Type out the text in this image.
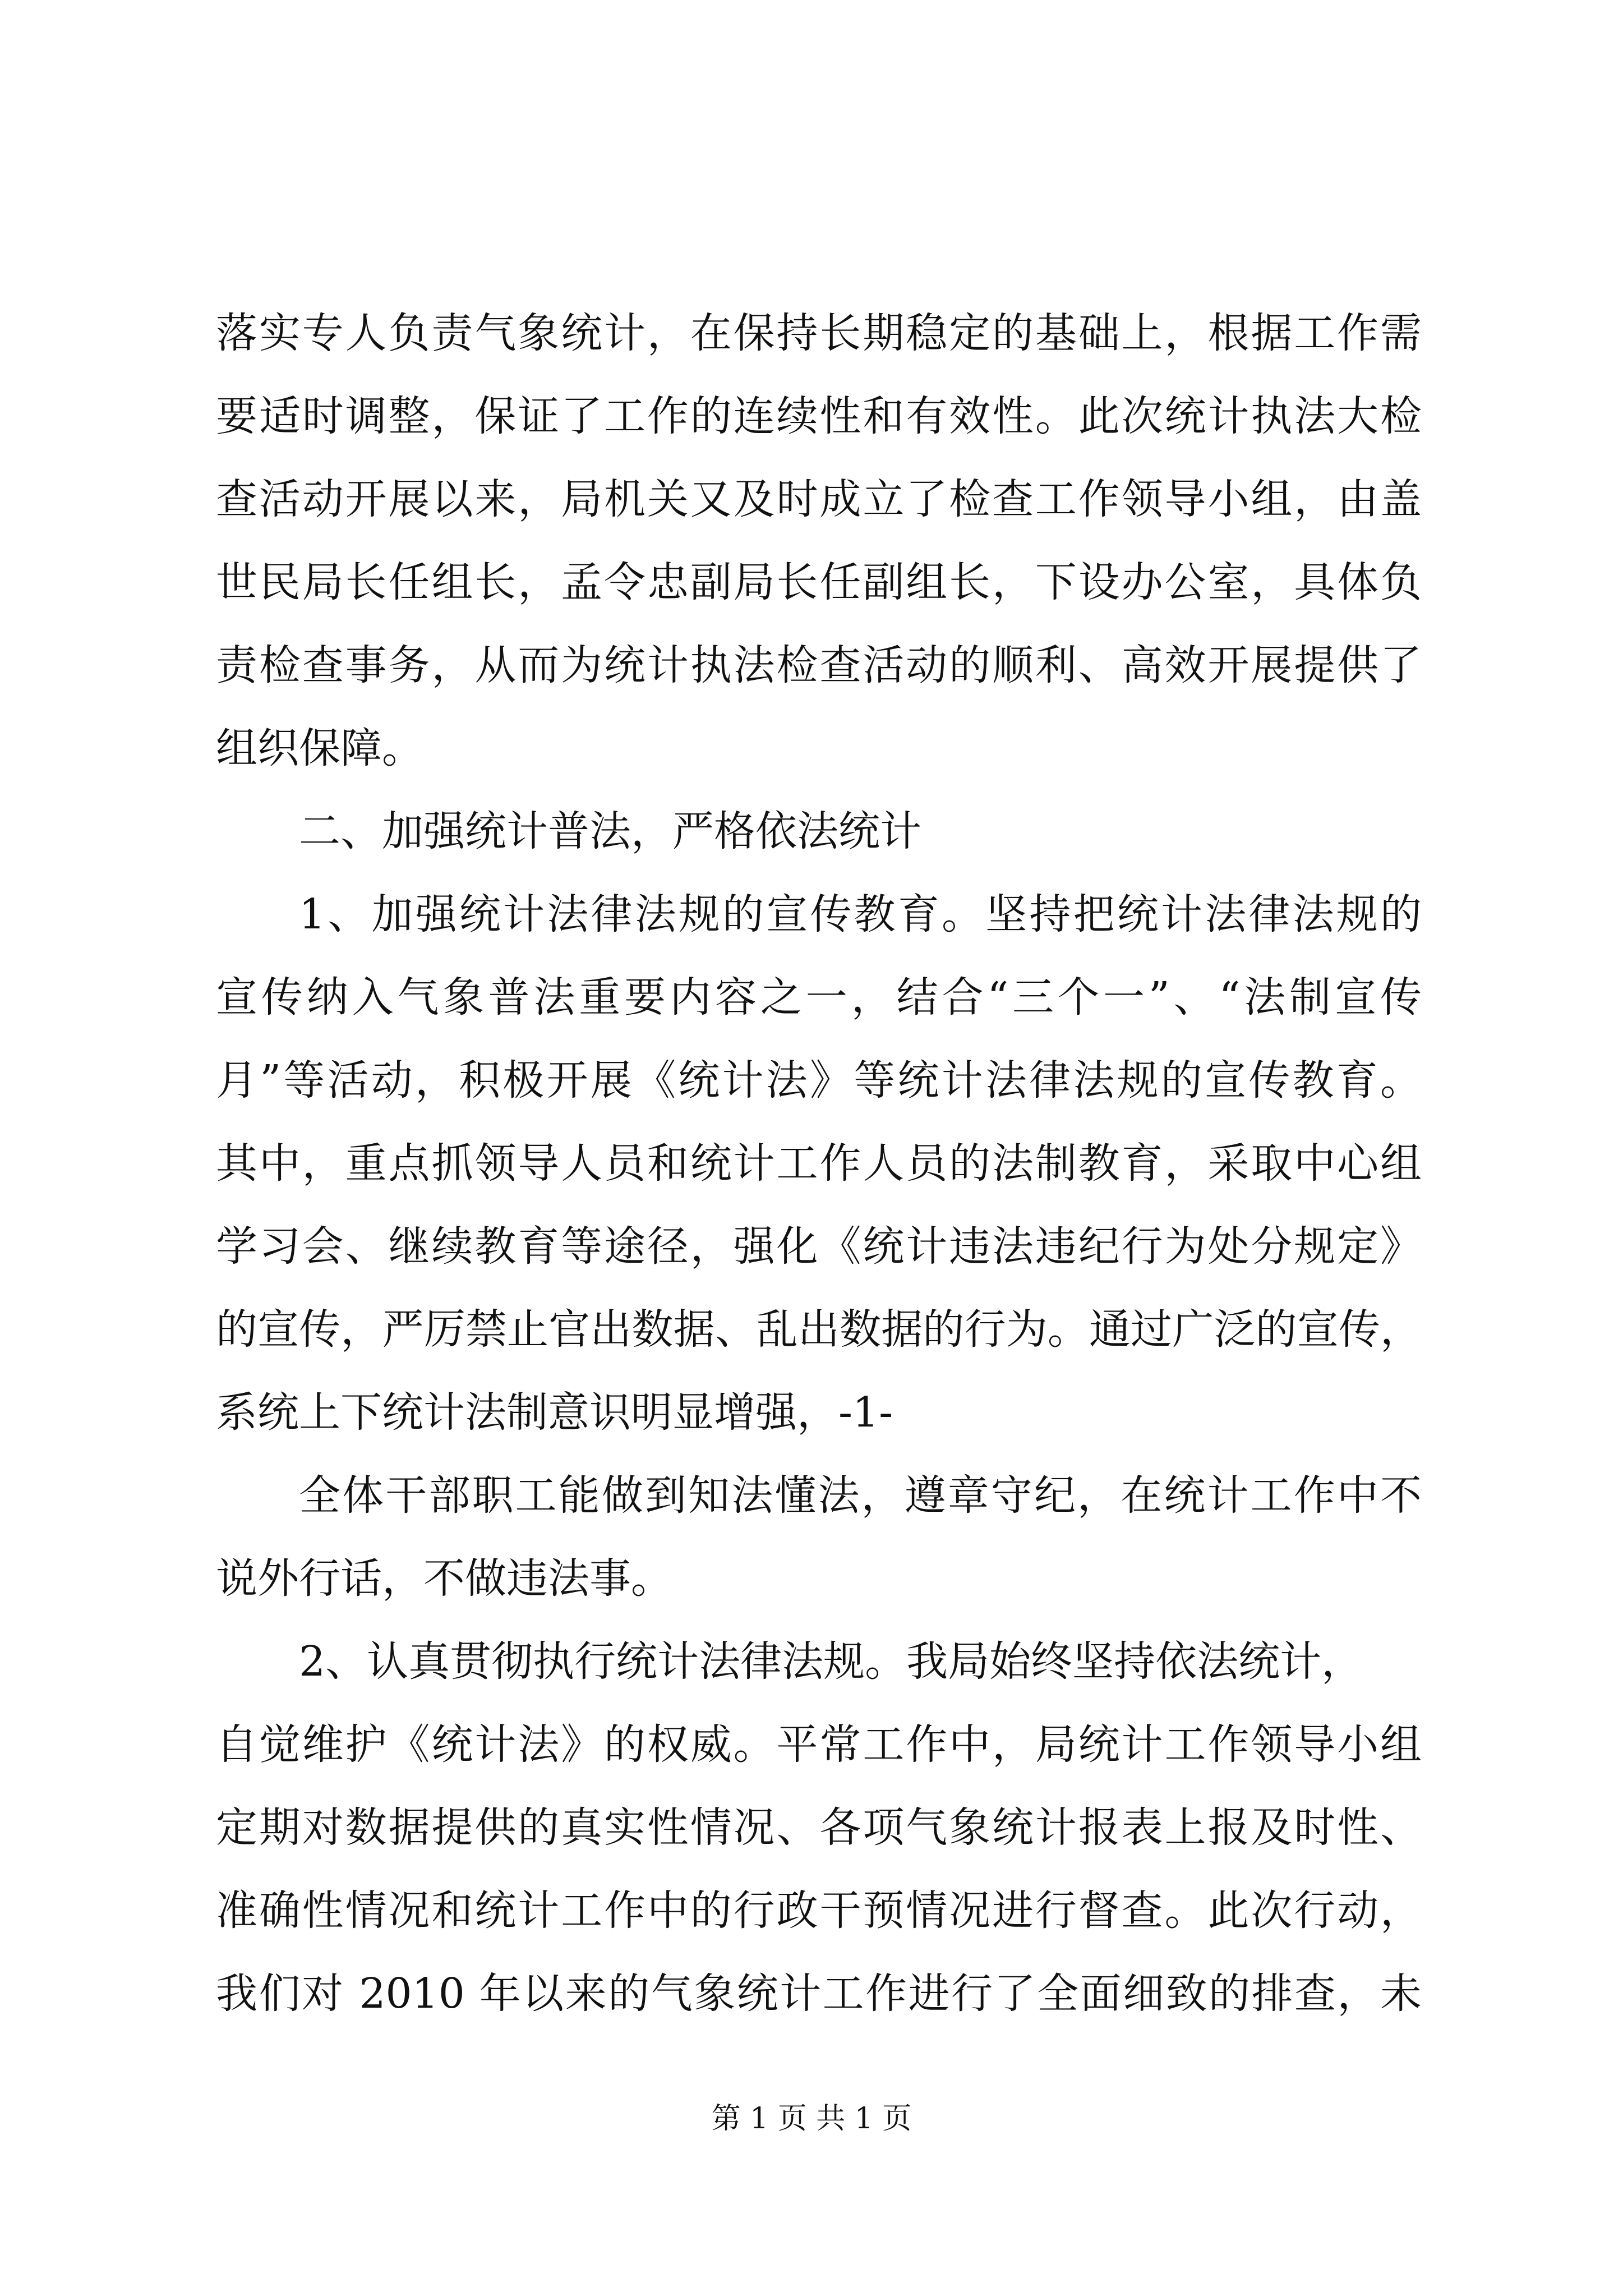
落实专人负责气象统计，在保持长期稳定的基础上，根据工作需
要适时调整，保证了工作的连续性和有效性。此次统计执法大检
查活动开展以来，局机关又及时成立了检查工作领导小组，由盖
世民局长任组长，孟令忠副局长任副组长，下设办公室，具体负
责检查事务，从而为统计执法检查活动的顺利、高效开展提供了
组织保障。
二、加强统计普法，严格依法统计
1、加强统计法律法规的宣传教育。坚持把统计法律法规的
宣传纳入气象普法重要内容之一，结合“三个一”、“法制宣传
月”等活动，积极开展《统计法》等统计法律法规的宣传教育。
其中，重点抓领导人员和统计工作人员的法制教育，采取中心组
学习会、继续教育等途径，强化《统计违法违纪行为处分规定》
的宣传，严厉禁止官出数据、乱出数据的行为。通过广泛的宣传，
系统上下统计法制意识明显增强，-1-
全体干部职工能做到知法懂法，遵章守纪，在统计工作中不
说外行话，不做违法事。
2、认真贯彻执行统计法律法规。我局始终坚持依法统计，
自觉维护《统计法》的权威。平常工作中，局统计工作领导小组
定期对数据提供的真实性情况、各项气象统计报表上报及时性、
准确性情况和统计工作中的行政干预情况进行督查。此次行动，
我们对 2010 年以来的气象统计工作进行了全面细致的排查，未
第 1 页 共 1 页
